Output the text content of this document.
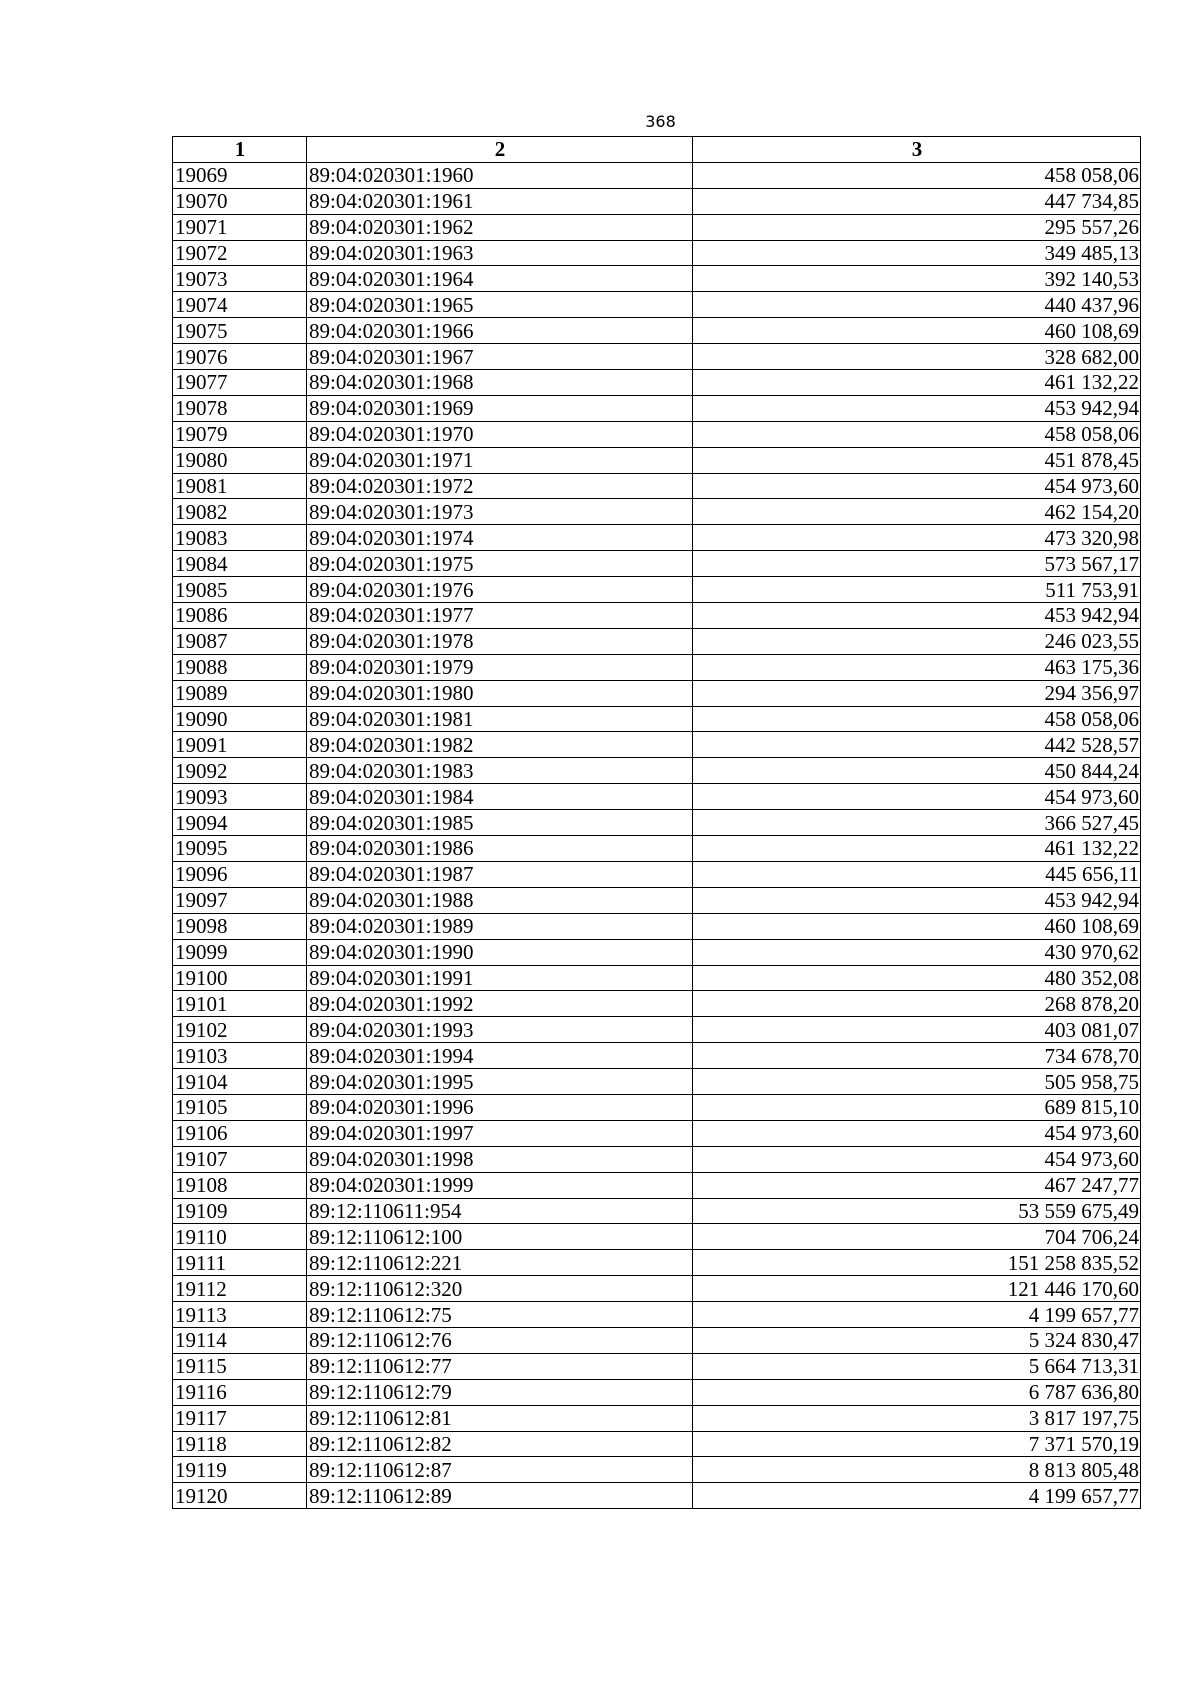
368
1	2	3
19069	89:04:020301:1960	458 058,06
19070	89:04:020301:1961	447 734,85
19071	89:04:020301:1962	295 557,26
19072	89:04:020301:1963	349 485,13
19073	89:04:020301:1964	392 140,53
19074	89:04:020301:1965	440 437,96
19075	89:04:020301:1966	460 108,69
19076	89:04:020301:1967	328 682,00
19077	89:04:020301:1968	461 132,22
19078	89:04:020301:1969	453 942,94
19079	89:04:020301:1970	458 058,06
19080	89:04:020301:1971	451 878,45
19081	89:04:020301:1972	454 973,60
19082	89:04:020301:1973	462 154,20
19083	89:04:020301:1974	473 320,98
19084	89:04:020301:1975	573 567,17
19085	89:04:020301:1976	511 753,91
19086	89:04:020301:1977	453 942,94
19087	89:04:020301:1978	246 023,55
19088	89:04:020301:1979	463 175,36
19089	89:04:020301:1980	294 356,97
19090	89:04:020301:1981	458 058,06
19091	89:04:020301:1982	442 528,57
19092	89:04:020301:1983	450 844,24
19093	89:04:020301:1984	454 973,60
19094	89:04:020301:1985	366 527,45
19095	89:04:020301:1986	461 132,22
19096	89:04:020301:1987	445 656,11
19097	89:04:020301:1988	453 942,94
19098	89:04:020301:1989	460 108,69
19099	89:04:020301:1990	430 970,62
19100	89:04:020301:1991	480 352,08
19101	89:04:020301:1992	268 878,20
19102	89:04:020301:1993	403 081,07
19103	89:04:020301:1994	734 678,70
19104	89:04:020301:1995	505 958,75
19105	89:04:020301:1996	689 815,10
19106	89:04:020301:1997	454 973,60
19107	89:04:020301:1998	454 973,60
19108	89:04:020301:1999	467 247,77
19109	89:12:110611:954	53 559 675,49
19110	89:12:110612:100	704 706,24
19111	89:12:110612:221	151 258 835,52
19112	89:12:110612:320	121 446 170,60
19113	89:12:110612:75	4 199 657,77
19114	89:12:110612:76	5 324 830,47
19115	89:12:110612:77	5 664 713,31
19116	89:12:110612:79	6 787 636,80
19117	89:12:110612:81	3 817 197,75
19118	89:12:110612:82	7 371 570,19
19119	89:12:110612:87	8 813 805,48
19120	89:12:110612:89	4 199 657,77
